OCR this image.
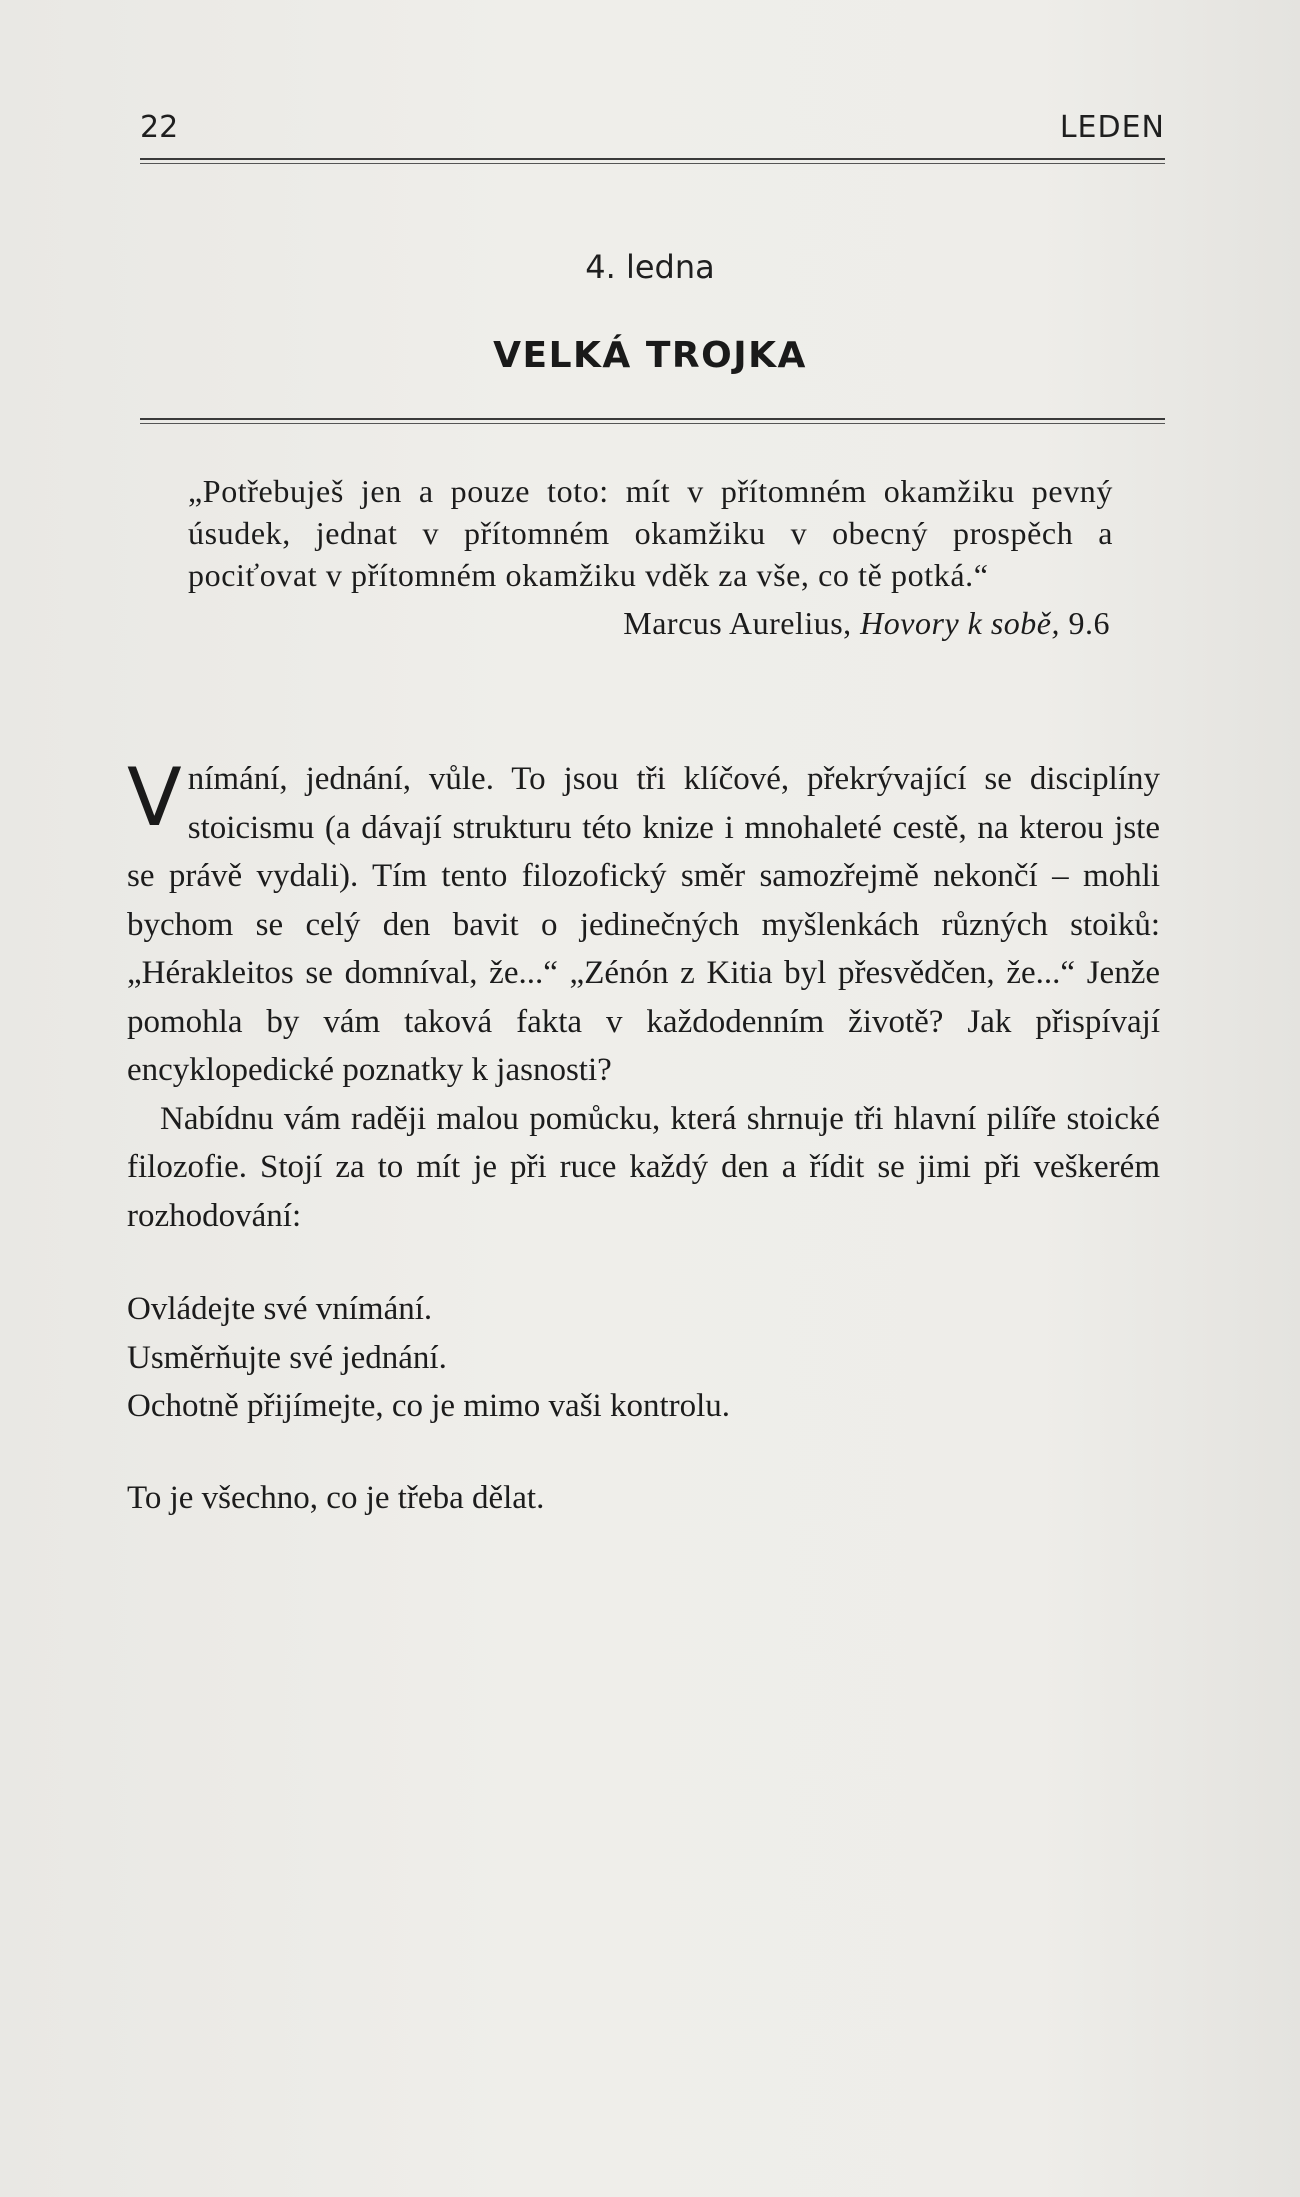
22	LEDEN
4. ledna
VELKÁ TROJKA

„Potřebuješ jen a pouze toto: mít v přítomném okamžiku pevný úsudek, jednat v přítomném okamžiku v obecný prospěch a pociťovat v přítomném okamžiku vděk za vše, co tě potká.“

Marcus Aurelius, Hovory k sobě, 9.6

Vnímání, jednání, vůle. To jsou tři klíčové, překrývající se disciplíny stoicismu (a dávají strukturu této knize i mnohaleté cestě, na kterou jste se právě vydali). Tím tento filozofický směr samozřejmě nekončí – mohli bychom se celý den bavit o jedinečných myšlenkách různých stoiků: „Hérakleitos se domníval, že...“ „Zénón z Kitia byl přesvědčen, že...“ Jenže pomohla by vám taková fakta v každodenním životě? Jak přispívají encyklopedické poznatky k jasnosti?

Nabídnu vám raději malou pomůcku, která shrnuje tři hlavní pilíře stoické filozofie. Stojí za to mít je při ruce každý den a řídit se jimi při veškerém rozhodování:

Ovládejte své vnímání.
Usměrňujte své jednání.
Ochotně přijímejte, co je mimo vaši kontrolu.
To je všechno, co je třeba dělat.
